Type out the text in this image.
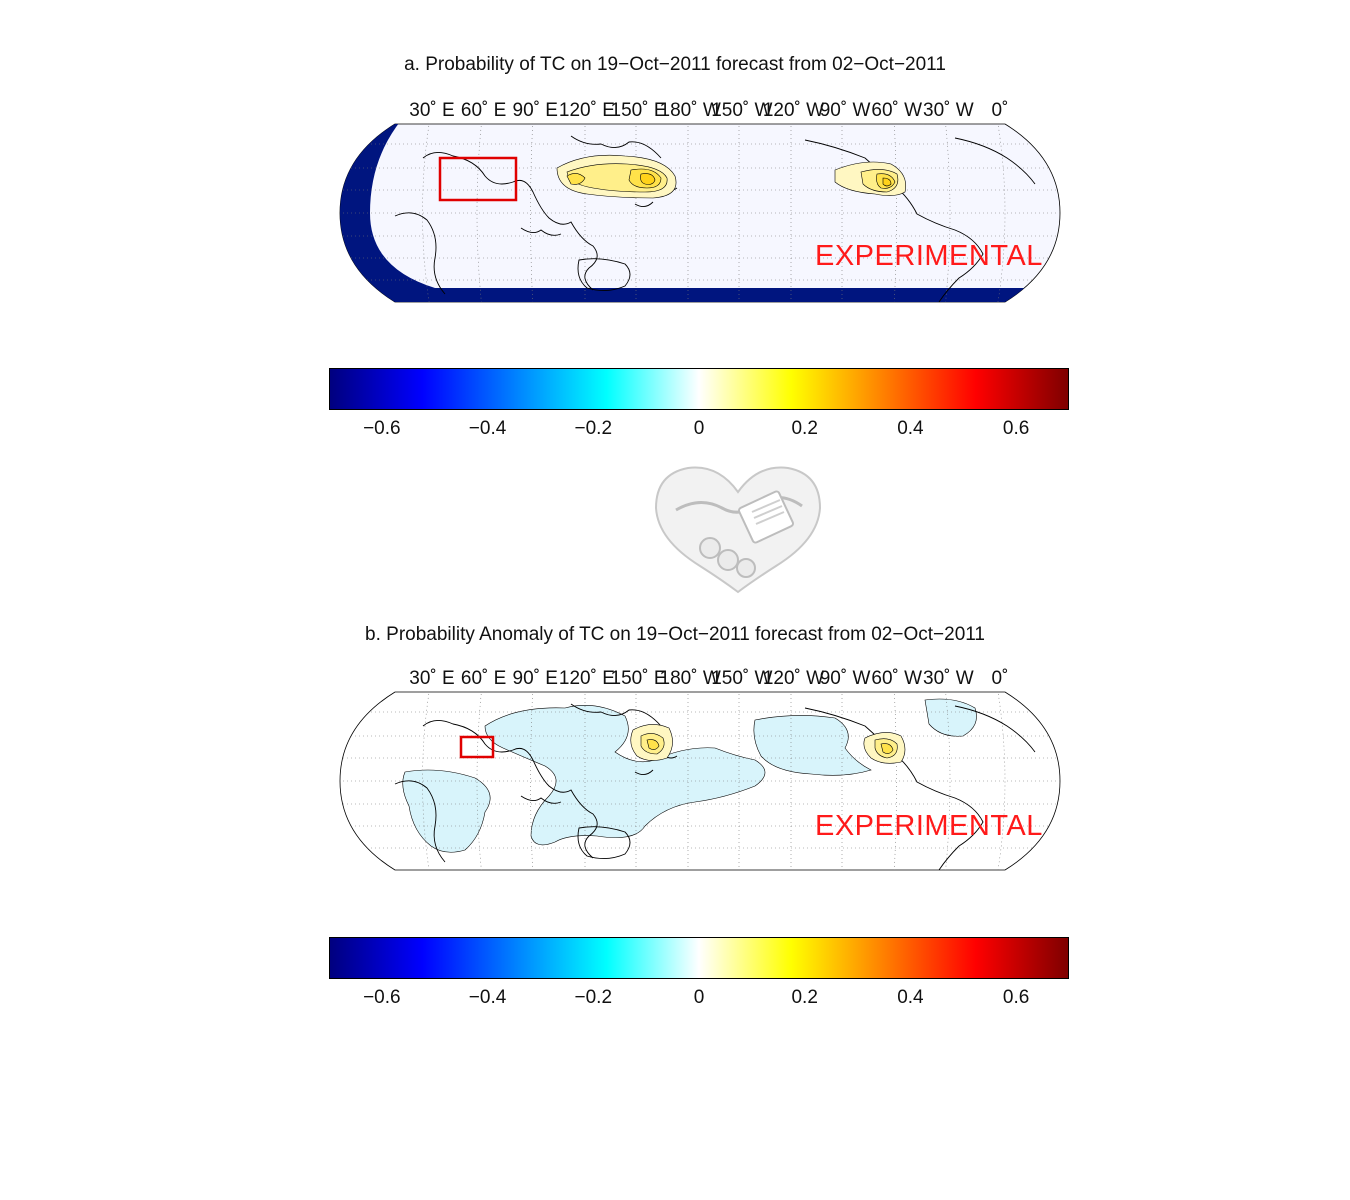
a. Probability of TC on 19−Oct−2011 forecast from 02−Oct−2011
30˚ E 60˚ E 90˚ E 120˚ E
150˚ E
180˚ W
150˚ W
120˚ W
90˚ W 60˚ W 30˚ W 0˚
EXPERIMENTAL
−0.6	−0.4	−0.2	0	0.2	0.4	0.6
b. Probability Anomaly of TC on 19−Oct−2011 forecast from 02−Oct−2011
30˚ E 60˚ E 90˚ E 120˚ E
150˚ E
180˚ W
150˚ W
120˚ W
90˚ W 60˚ W 30˚ W 0˚
EXPERIMENTAL
−0.6	−0.4	−0.2	0	0.2	0.4	0.6
